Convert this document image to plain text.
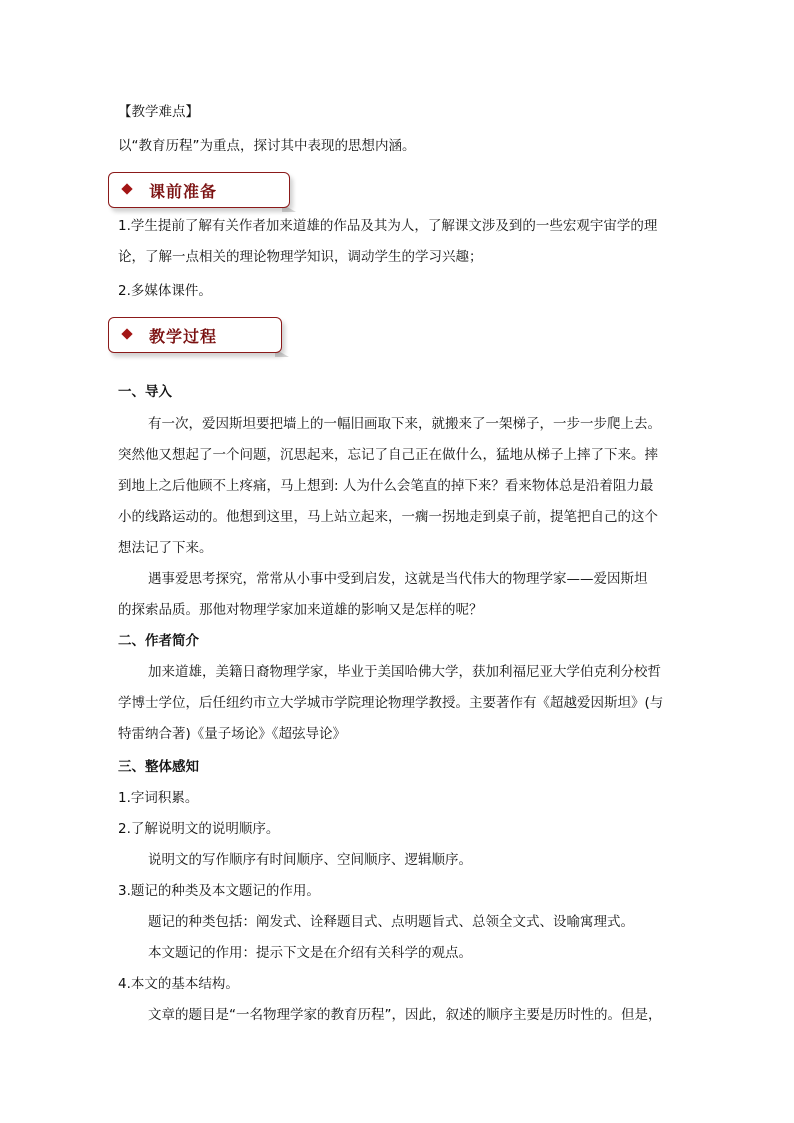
【教学难点】
以“教育历程”为重点，探讨其中表现的思想内涵。
课前准备
1.学生提前了解有关作者加来道雄的作品及其为人，了解课文涉及到的一些宏观宇宙学的理
论，了解一点相关的理论物理学知识，调动学生的学习兴趣；
2.多媒体课件。
教学过程
一、导入
有一次，爱因斯坦要把墙上的一幅旧画取下来，就搬来了一架梯子，一步一步爬上去。
突然他又想起了一个问题，沉思起来，忘记了自己正在做什么，猛地从梯子上摔了下来。摔
到地上之后他顾不上疼痛，马上想到: 人为什么会笔直的掉下来？看来物体总是沿着阻力最
小的线路运动的。他想到这里，马上站立起来，一瘸一拐地走到桌子前，提笔把自己的这个
想法记了下来。
遇事爱思考探究，常常从小事中受到启发，这就是当代伟大的物理学家——爱因斯坦
的探索品质。那他对物理学家加来道雄的影响又是怎样的呢？
二、作者简介
加来道雄，美籍日裔物理学家，毕业于美国哈佛大学，获加利福尼亚大学伯克利分校哲
学博士学位，后任纽约市立大学城市学院理论物理学教授。主要著作有《超越爱因斯坦》(与
特雷纳合著)《量子场论》《超弦导论》
三、整体感知
1.字词积累。
2.了解说明文的说明顺序。
说明文的写作顺序有时间顺序、空间顺序、逻辑顺序。
3.题记的种类及本文题记的作用。
题记的种类包括：阐发式、诠释题目式、点明题旨式、总领全文式、设喻寓理式。
本文题记的作用：提示下文是在介绍有关科学的观点。
4.本文的基本结构。
文章的题目是“一名物理学家的教育历程”，因此，叙述的顺序主要是历时性的。但是，
